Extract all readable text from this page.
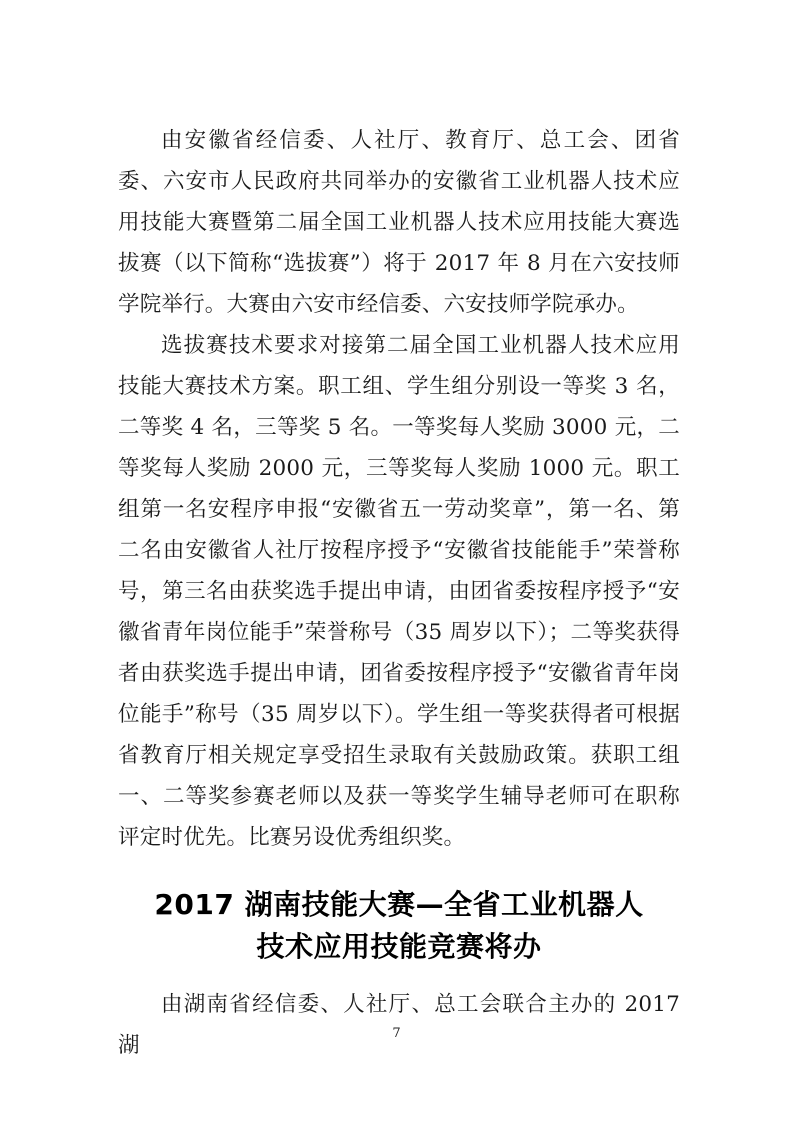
由安徽省经信委、人社厅、教育厅、总工会、团省委、六安市人民政府共同举办的安徽省工业机器人技术应用技能大赛暨第二届全国工业机器人技术应用技能大赛选拔赛（以下简称“选拔赛”）将于 2017 年 8 月在六安技师学院举行。大赛由六安市经信委、六安技师学院承办。

选拔赛技术要求对接第二届全国工业机器人技术应用技能大赛技术方案。职工组、学生组分别设一等奖 3 名，二等奖 4 名，三等奖 5 名。一等奖每人奖励 3000 元，二等奖每人奖励 2000 元，三等奖每人奖励 1000 元。职工组第一名安程序申报“安徽省五一劳动奖章”，第一名、第二名由安徽省人社厅按程序授予“安徽省技能能手”荣誉称号，第三名由获奖选手提出申请，由团省委按程序授予“安徽省青年岗位能手”荣誉称号（35 周岁以下）；二等奖获得者由获奖选手提出申请，团省委按程序授予“安徽省青年岗位能手”称号（35 周岁以下）。学生组一等奖获得者可根据省教育厅相关规定享受招生录取有关鼓励政策。获职工组一、二等奖参赛老师以及获一等奖学生辅导老师可在职称评定时优先。比赛另设优秀组织奖。

2017 湖南技能大赛—全省工业机器人
技术应用技能竞赛将办

由湖南省经信委、人社厅、总工会联合主办的 2017 湖	7
